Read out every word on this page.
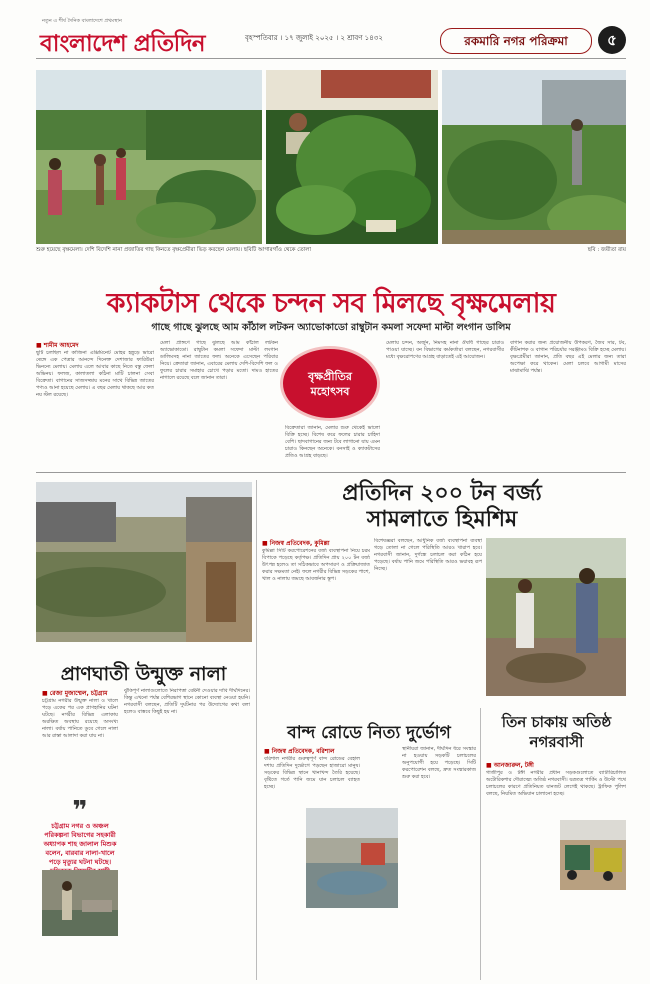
নতুন এ শীর্ষ দৈনিক বাংলাদেশে প্রথমস্থান
বাংলাদেশ প্রতিদিন	বৃহস্পতিবার । ১৭ জুলাই ২০২৫ । ২ শ্রাবণ ১৪৩২	রকমারি নগর পরিক্রমা	৫
শুরু হয়েছে বৃক্ষমেলা। দেশি বিদেশি নানা প্রজাতির গাছ কিনতে বৃক্ষপ্রেমীরা ভিড় করছেন মেলায়। ছবিটি আগারগাঁও থেকে তোলা	ছবি : জয়ীতা রায়
ক্যাকটাস থেকে চন্দন সব মিলছে বৃক্ষমেলায়
গাছে গাছে ঝুলছে আম কাঁঠাল লটকন অ্যাভোকাডো রাম্বুটান কমলা সফেদা মাল্টা লংগান ডালিম
■ শামীম আহমেদ
ছুটি চলছিল না কাজিনা এক্সিমিনেট মোহর হন্নুড়ে ভারো ৰেঙ্গে এক পেত্রার আনন্দে দিনেক্ত দেশাজার ফারিউরা ভিনন্যে মেলায়। মেলায় এলে আবার কাছে নিতে বস্তু ফেলা অভিনয়। ফলজ, কালাতলা কঠিনা মাটি চালনা সেবা বিক্রেতা। বাগানের সাজসজ্জায় মনের সাথে বিভিন্ন জাতের পণ্যও আনা হয়েছে মেলায়। এ বছর মেলায় থাকছে আর কত নয় স্টল রয়েছে।
মেলা প্রাঙ্গণে গাছে ঝুলছে আম কাঁঠাল লটকন অ্যাভোকাডো। রাম্বুটান কমলা সফেদা মাল্টা লংগান ডালিমসহ নানা জাতের ফল। অনেকে এসেছেন পরিবার নিয়ে। ক্রেতারা জানান, এবারের মেলায় দেশি-বিদেশি ফল ও ফুলের চারার সমাহার চোখে পড়ার মতো। দামও হাতের নাগালে রয়েছে বলে জানান তারা।	বৃক্ষপ্রীতির
মহোৎসব
বিক্রেতারা জানান, মেলার শুরু থেকেই ভালো বিক্রি হচ্ছে। বিশেষ করে ফলের চারার চাহিদা বেশি। ছাদবাগানের জন্য টবে লাগানো যায় এমন চারাও কিনছেন অনেকে। বনসাই ও ক্যাকটাসের প্রতিও আগ্রহ বাড়ছে।
মেলায় চন্দন, অর্জুন, নিমসহ নানা ঔষধি গাছের চারাও পাওয়া যাচ্ছে। বন বিভাগের কর্মকর্তারা বলছেন, নগরবাসীর মধ্যে বৃক্ষরোপণের আগ্রহ বাড়াতেই এই আয়োজন।
বাগান করার জন্য প্রয়োজনীয় উপকরণ, জৈব সার, টব, কীটনাশক ও বাগান পরিচর্যার সরঞ্জামও বিক্রি হচ্ছে মেলায়। বৃক্ষপ্রেমীরা জানান, প্রতি বছর এই মেলার জন্য তারা অপেক্ষা করে থাকেন। মেলা চলবে আগামী মাসের মাঝামাঝি পর্যন্ত।
প্রতিদিন ২০০ টন বর্জ্য
সামলাতে হিমশিম
■ নিজস্ব প্রতিবেদক, কুমিল্লা
কুমিল্লা সিটি করপোরেশনের বর্জ্য ব্যবস্থাপনা নিয়ে চরম বিপাকে পড়েছে কর্তৃপক্ষ। প্রতিদিন প্রায় ২০০ টন বর্জ্য উৎপন্ন হলেও তা সঠিকভাবে অপসারণ ও প্রক্রিয়াজাত করার সক্ষমতা নেই। ফলে নগরীর বিভিন্ন সড়কের পাশে, খাল ও নালায় জমছে আবর্জনার স্তূপ।
বিশেষজ্ঞরা বলছেন, আধুনিক বর্জ্য ব্যবস্থাপনা ব্যবস্থা গড়ে তোলা না গেলে পরিস্থিতি আরও খারাপ হবে। নগরবাসী জানান, দুর্গন্ধে চলাচল করা কঠিন হয়ে পড়েছে। বর্ষায় পানি জমে পরিস্থিতি আরও ভয়াবহ রূপ নিচ্ছে।
প্রাণঘাতী উন্মুক্ত নালা
■ রেজা মুজাম্মেল, চট্টগ্রাম
চট্টগ্রাম নগরীর উন্মুক্ত নালা ও খালে পড়ে একের পর এক প্রাণহানির ঘটনা ঘটছে। নগরীর বিভিন্ন এলাকায় অরক্ষিত অবস্থায় রয়েছে অসংখ্য নালা। বর্ষায় পানিতে ডুবে গেলে নালা আর রাস্তা আলাদা করা যায় না।
❞
চট্টগ্রাম নগর ও অঞ্চল পরিকল্পনা বিভাগের সহকারী অধ্যাপক শাহ জালাল মিশুক বলেন, বারবার নালা-খালে পড়ে মৃত্যুর ঘটনা ঘটছে।
ঝুঁকিপূর্ণ নালাগুলোতে নিরাপত্তা বেষ্টনী দেওয়ার দাবি দীর্ঘদিনের। কিন্তু এখনো পর্যন্ত বেশিরভাগ স্থানে কোনো ব্যবস্থা নেওয়া হয়নি। নগরবাসী বলছেন, প্রতিটি দুর্ঘটনার পর উদ্যোগের কথা বলা হলেও বাস্তবে কিছুই হয় না।
বান্দ রোডে নিত্য দুর্ভোগ
■ নিজস্ব প্রতিবেদক, বরিশাল
বরিশাল নগরীর গুরুত্বপূর্ণ বান্দ রোডের বেহাল দশায় প্রতিদিন দুর্ভোগে পড়ছেন হাজারো মানুষ। সড়কের বিভিন্ন স্থানে খানাখন্দ তৈরি হয়েছে। বৃষ্টিতে গর্তে পানি জমে যান চলাচল ব্যাহত হচ্ছে।
স্থানীয়রা জানান, দীর্ঘদিন ধরে সংস্কার না হওয়ায় সড়কটি চলাচলের অনুপযোগী হয়ে পড়েছে। সিটি করপোরেশন বলছে, দ্রুত সংস্কারকাজ শুরু করা হবে।
তিন চাকায় অতিষ্ঠ
নগরবাসী
■ আনজারুল, টঙ্গী
গাজীপুর ও টঙ্গী নগরীর প্রধান সড়কগুলোতে ব্যাটারিচালিত অটোরিকশার দৌরাত্ম্যে অতিষ্ঠ নগরবাসী। যত্রতত্র পার্কিং ও উল্টো পথে চলাচলের কারণে প্রতিনিয়ত যানজট লেগেই থাকছে। ট্রাফিক পুলিশ বলছে, নিয়মিত অভিযান চালানো হচ্ছে।
